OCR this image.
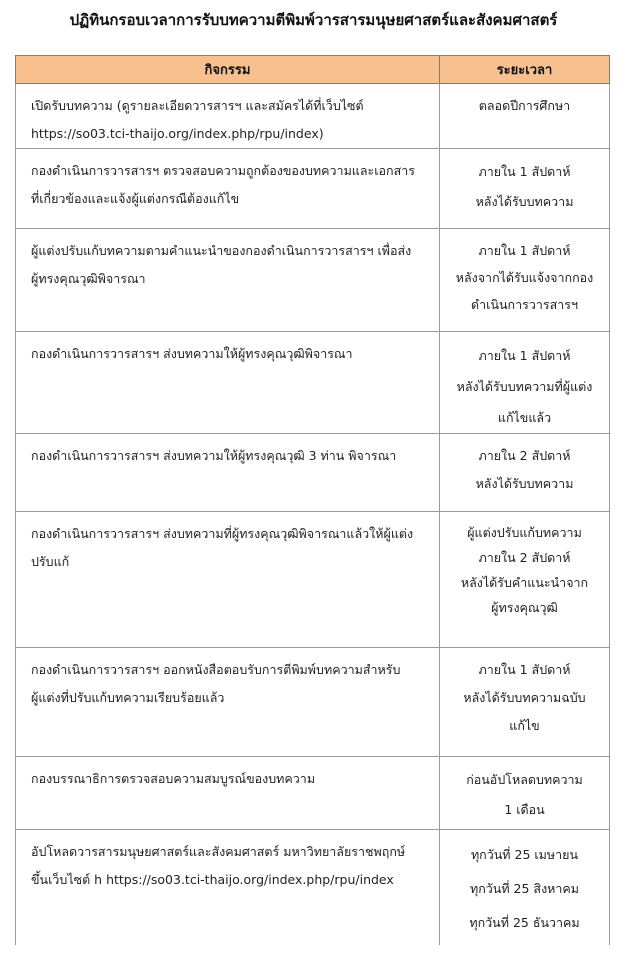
ปฏิทินกรอบเวลาการรับบทความตีพิมพ์วารสารมนุษยศาสตร์และสังคมศาสตร์
กิจกรรม	ระยะเวลา

เปิดรับบทความ (ดูรายละเอียดวารสารฯ และสมัครได้ที่เว็บไซต์
https://so03.tci-thaijo.org/index.php/rpu/index)	ตลอดปีการศึกษา

กองดำเนินการวารสารฯ ตรวจสอบความถูกต้องของบทความและเอกสาร
ที่เกี่ยวข้องและแจ้งผู้แต่งกรณีต้องแก้ไข	ภายใน 1 สัปดาห์
หลังได้รับบทความ

ผู้แต่งปรับแก้บทความตามคำแนะนำของกองดำเนินการวารสารฯ เพื่อส่ง
ผู้ทรงคุณวุฒิพิจารณา	ภายใน 1 สัปดาห์
หลังจากได้รับแจ้งจากกอง
ดำเนินการวารสารฯ

กองดำเนินการวารสารฯ ส่งบทความให้ผู้ทรงคุณวุฒิพิจารณา	ภายใน 1 สัปดาห์
หลังได้รับบทความที่ผู้แต่ง
แก้ไขแล้ว

กองดำเนินการวารสารฯ ส่งบทความให้ผู้ทรงคุณวุฒิ 3 ท่าน พิจารณา	ภายใน 2 สัปดาห์
หลังได้รับบทความ

กองดำเนินการวารสารฯ ส่งบทความที่ผู้ทรงคุณวุฒิพิจารณาแล้วให้ผู้แต่ง
ปรับแก้	ผู้แต่งปรับแก้บทความ
ภายใน 2 สัปดาห์
หลังได้รับคำแนะนำจาก
ผู้ทรงคุณวุฒิ

กองดำเนินการวารสารฯ ออกหนังสือตอบรับการตีพิมพ์บทความสำหรับ
ผู้แต่งที่ปรับแก้บทความเรียบร้อยแล้ว	ภายใน 1 สัปดาห์
หลังได้รับบทความฉบับ
แก้ไข

กองบรรณาธิการตรวจสอบความสมบูรณ์ของบทความ	ก่อนอัปโหลดบทความ
1 เดือน

อัปโหลดวารสารมนุษยศาสตร์และสังคมศาสตร์ มหาวิทยาลัยราชพฤกษ์
ขึ้นเว็บไซต์ h https://so03.tci-thaijo.org/index.php/rpu/index	ทุกวันที่ 25 เมษายน
ทุกวันที่ 25 สิงหาคม
ทุกวันที่ 25 ธันวาคม
